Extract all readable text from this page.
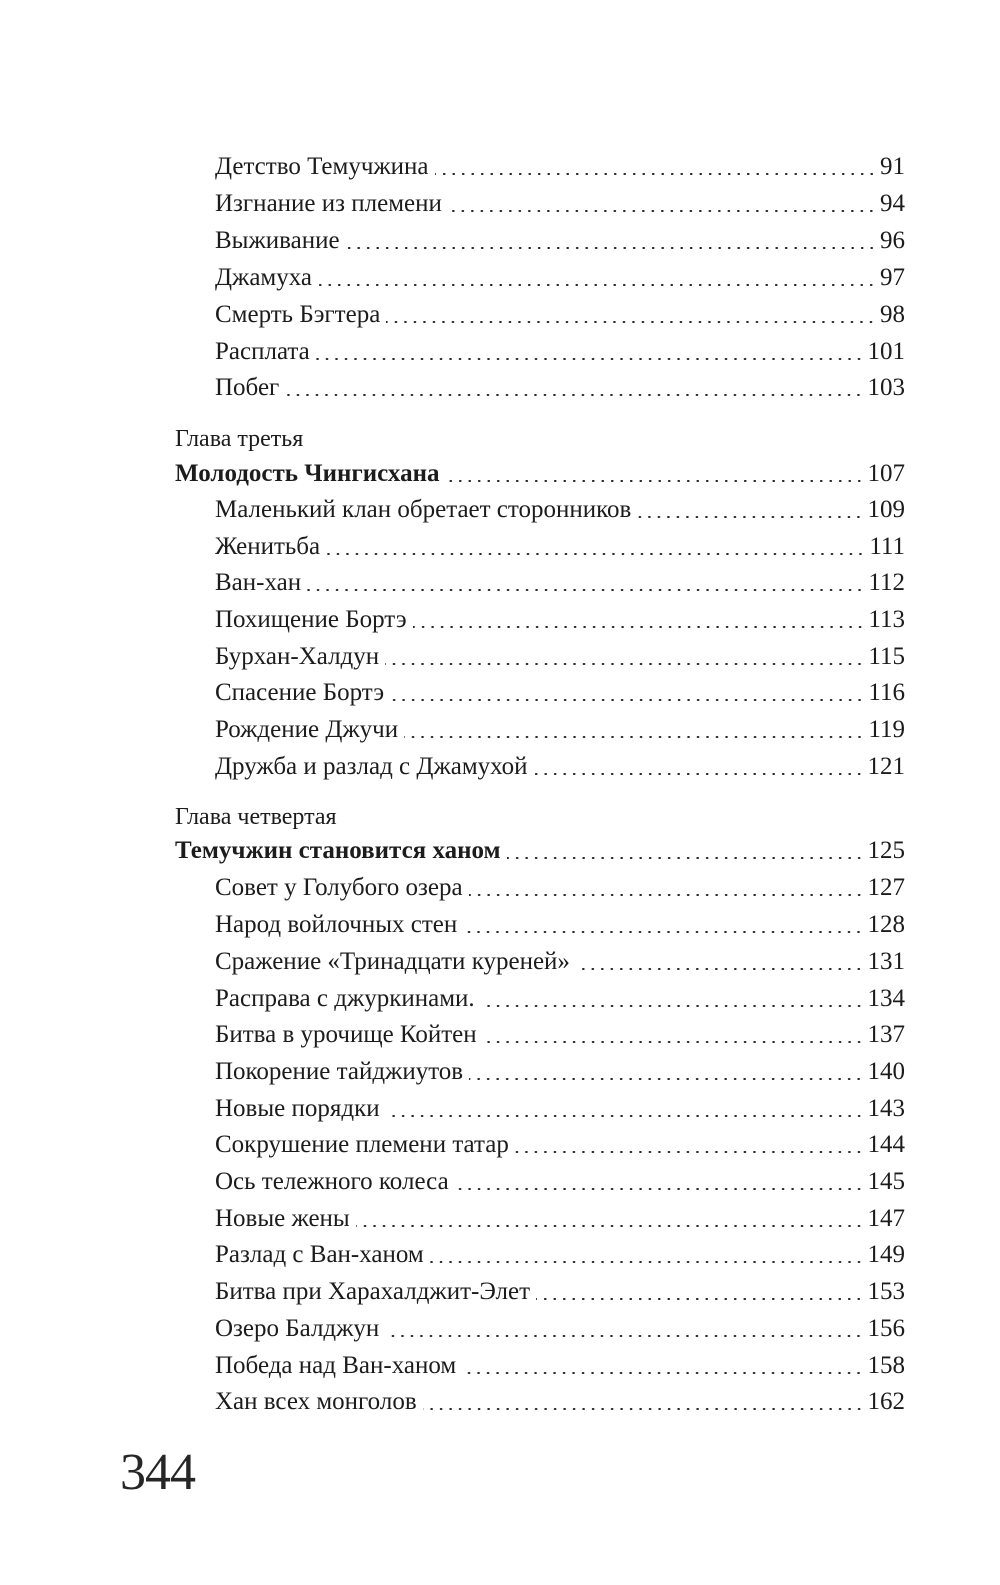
Детство Темучжина	91
Изгнание из племени	94
Выживание	96
Джамуха	97
Смерть Бэгтера	98
Расплата	101
Побег	103
Глава третья
Молодость Чингисхана	107
Маленький клан обретает сторонников	109
Женитьба	111
Ван-хан	112
Похищение Бортэ	113
Бурхан-Халдун	115
Спасение Бортэ	116
Рождение Джучи	119
Дружба и разлад с Джамухой	121
Глава четвертая
Темучжин становится ханом	125
Совет у Голубого озера	127
Народ войлочных стен	128
Сражение «Тринадцати куреней»	131
Расправа с джуркинами.	134
Битва в урочище Койтен	137
Покорение тайджиутов	140
Новые порядки	143
Сокрушение племени татар	144
Ось тележного колеса	145
Новые жены	147
Разлад с Ван-ханом	149
Битва при Харахалджит-Элет	153
Озеро Балджун	156
Победа над Ван-ханом	158
Хан всех монголов	162
344
